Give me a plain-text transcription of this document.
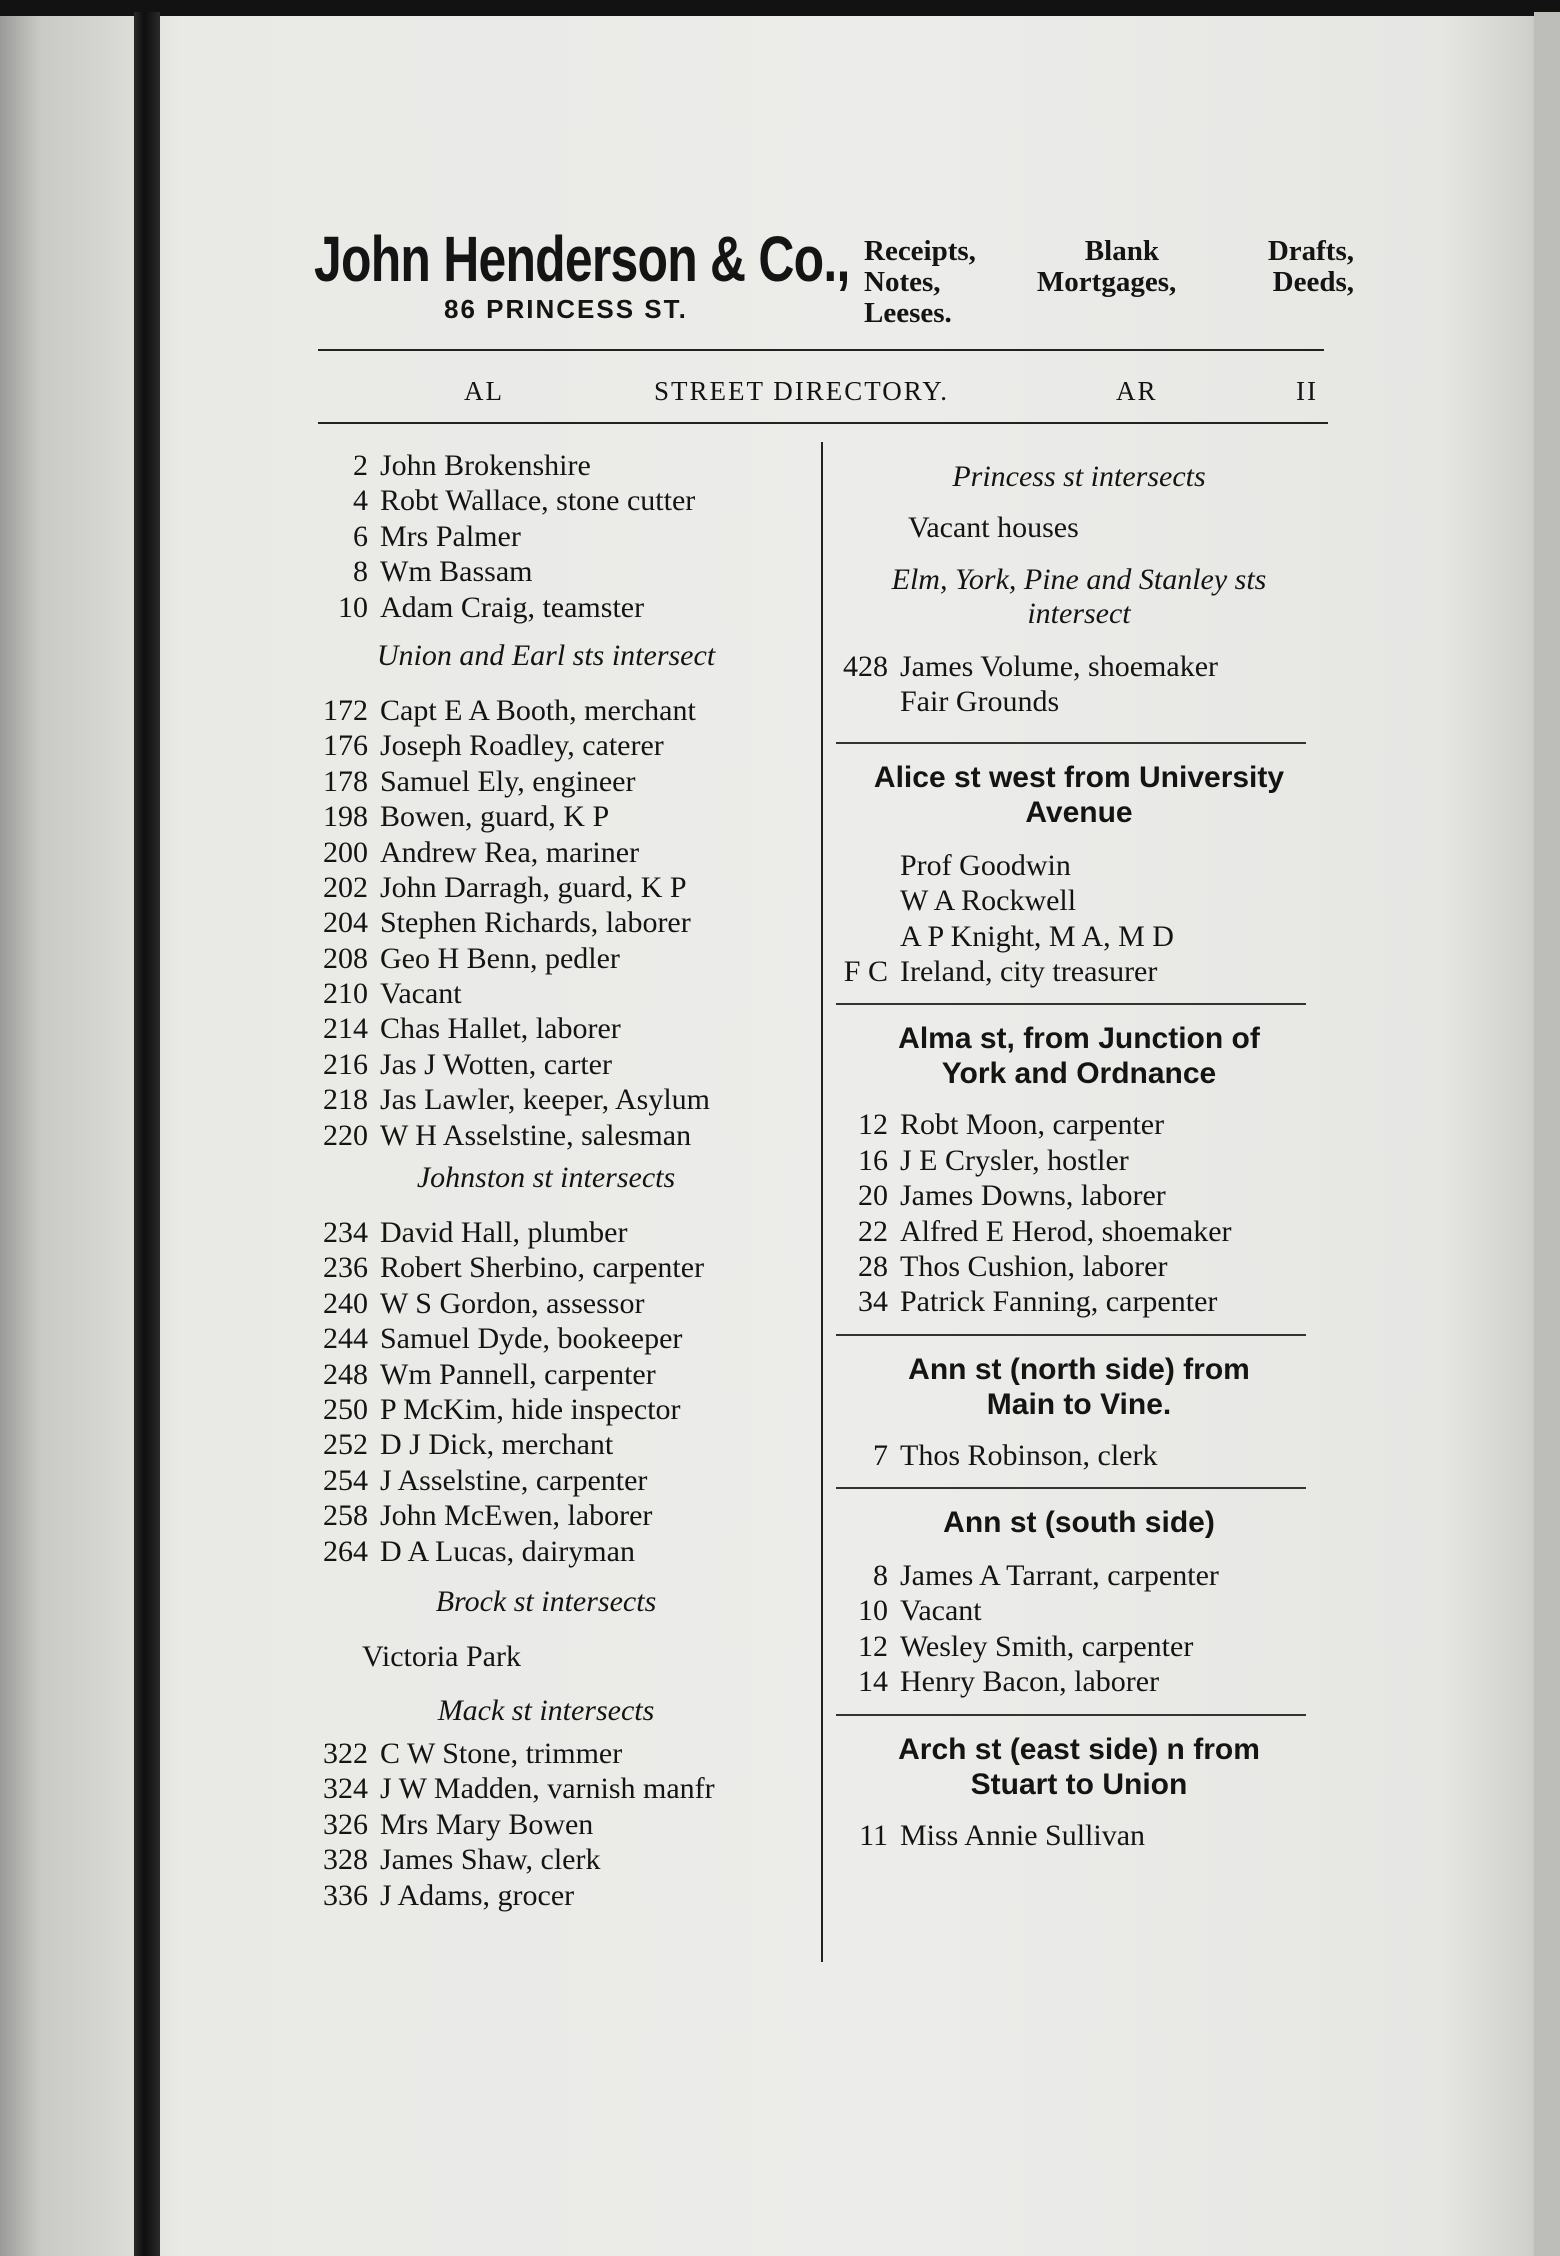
John Henderson & Co.,
86 PRINCESS ST.
Receipts,	Blank	Drafts,
Notes,	Mortgages,	Deeds,
Leeses.
AL	STREET DIRECTORY.	AR	II
2 John Brokenshire
4 Robt Wallace, stone cutter
6 Mrs Palmer
8 Wm Bassam
10 Adam Craig, teamster
Union and Earl sts intersect
172 Capt E A Booth, merchant
176 Joseph Roadley, caterer
178 Samuel Ely, engineer
198 Bowen, guard, K P
200 Andrew Rea, mariner
202 John Darragh, guard, K P
204 Stephen Richards, laborer
208 Geo H Benn, pedler
210 Vacant
214 Chas Hallet, laborer
216 Jas J Wotten, carter
218 Jas Lawler, keeper, Asylum
220 W H Asselstine, salesman
Johnston st intersects
234 David Hall, plumber
236 Robert Sherbino, carpenter
240 W S Gordon, assessor
244 Samuel Dyde, bookeeper
248 Wm Pannell, carpenter
250 P McKim, hide inspector
252 D J Dick, merchant
254 J Asselstine, carpenter
258 John McEwen, laborer
264 D A Lucas, dairyman
Brock st intersects
Victoria Park
Mack st intersects
322 C W Stone, trimmer
324 J W Madden, varnish manfr
326 Mrs Mary Bowen
328 James Shaw, clerk
336 J Adams, grocer
Princess st intersects
Vacant houses
Elm, York, Pine and Stanley sts
intersect
428 James Volume, shoemaker
Fair Grounds
Alice st west from University
Avenue
Prof Goodwin
W A Rockwell
A P Knight, M A, M D
F C Ireland, city treasurer
Alma st, from Junction of
York and Ordnance
12 Robt Moon, carpenter
16 J E Crysler, hostler
20 James Downs, laborer
22 Alfred E Herod, shoemaker
28 Thos Cushion, laborer
34 Patrick Fanning, carpenter
Ann st (north side) from
Main to Vine.
7 Thos Robinson, clerk
Ann st (south side)
8 James A Tarrant, carpenter
10 Vacant
12 Wesley Smith, carpenter
14 Henry Bacon, laborer
Arch st (east side) n from
Stuart to Union
11 Miss Annie Sullivan
